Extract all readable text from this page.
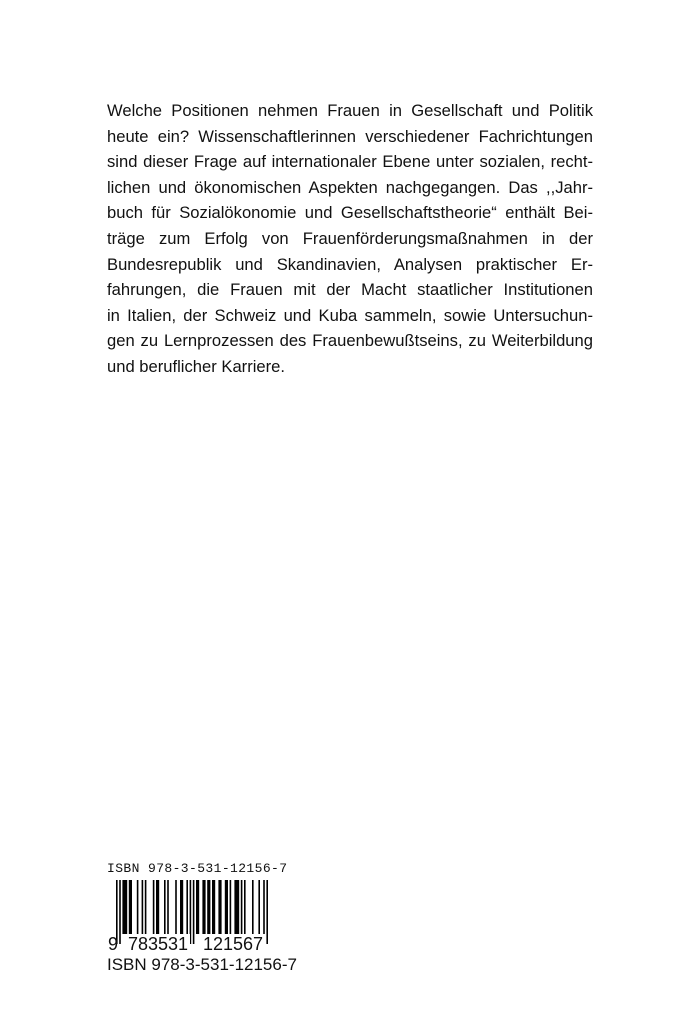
Welche Positionen nehmen Frauen in Gesellschaft und Politik
heute ein? Wissenschaftlerinnen verschiedener Fachrichtungen
sind dieser Frage auf internationaler Ebene unter sozialen, recht-
lichen und ökonomischen Aspekten nachgegangen. Das ,,Jahr-
buch für Sozialökonomie und Gesellschaftstheorie“ enthält Bei-
träge zum Erfolg von Frauenförderungsmaßnahmen in der
Bundesrepublik und Skandinavien, Analysen praktischer Er-
fahrungen, die Frauen mit der Macht staatlicher Institutionen
in Italien, der Schweiz und Kuba sammeln, sowie Untersuchun-
gen zu Lernprozessen des Frauenbewußtseins, zu Weiterbildung
und beruflicher Karriere.
ISBN 978-3-531-12156-7
9 783531 121567
ISBN 978-3-531-12156-7
